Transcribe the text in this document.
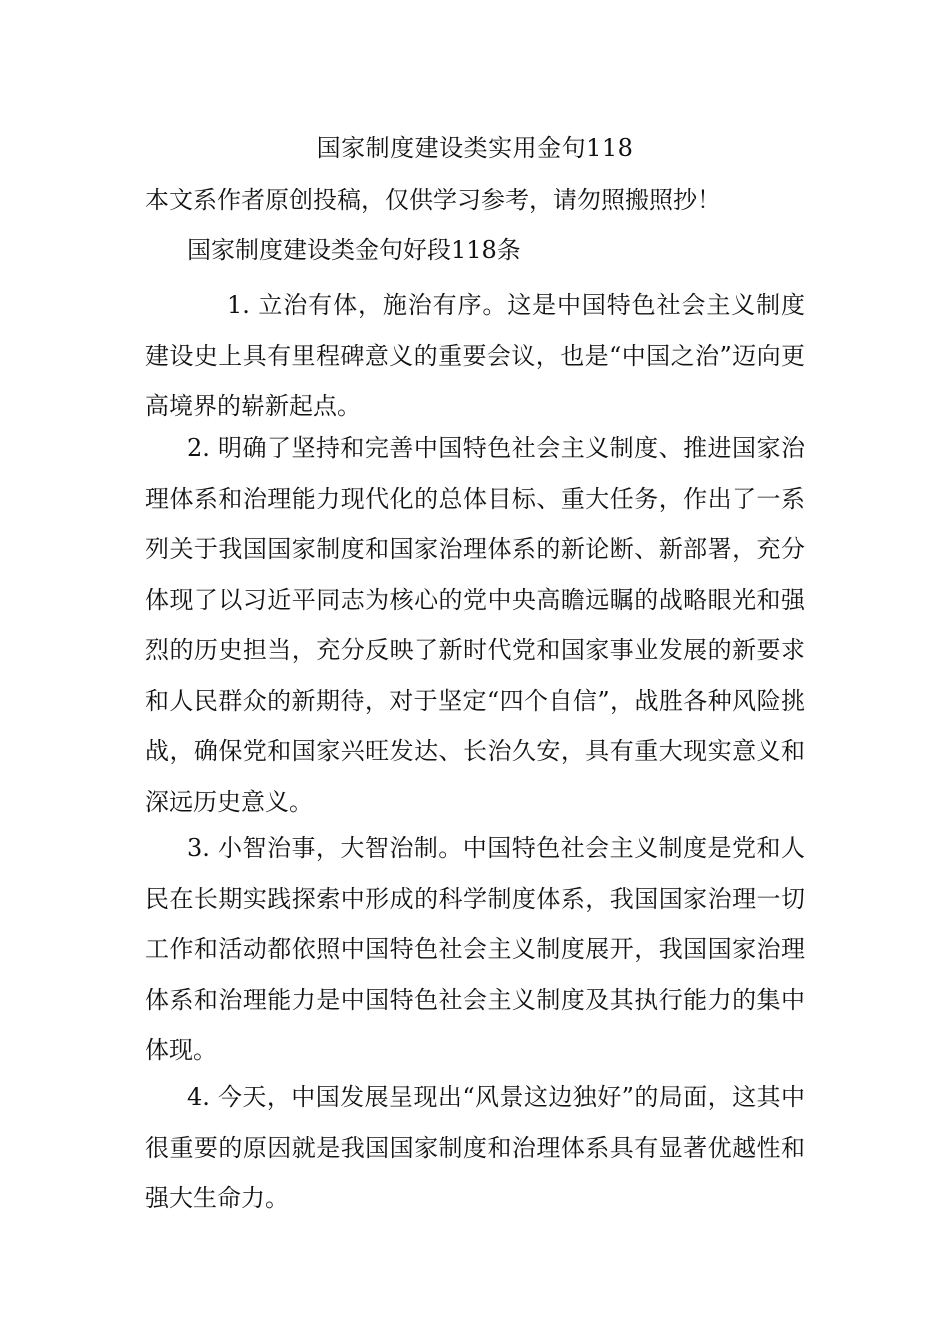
国家制度建设类实用金句118
本文系作者原创投稿，仅供学习参考，请勿照搬照抄！
国家制度建设类金句好段118条
1. 立治有体，施治有序。这是中国特色社会主义制度建设史上具有里程碑意义的重要会议，也是“中国之治”迈向更高境界的崭新起点。
2. 明确了坚持和完善中国特色社会主义制度、推进国家治理体系和治理能力现代化的总体目标、重大任务，作出了一系列关于我国国家制度和国家治理体系的新论断、新部署，充分体现了以习近平同志为核心的党中央高瞻远瞩的战略眼光和强烈的历史担当，充分反映了新时代党和国家事业发展的新要求和人民群众的新期待，对于坚定“四个自信”，战胜各种风险挑战，确保党和国家兴旺发达、长治久安，具有重大现实意义和深远历史意义。
3. 小智治事，大智治制。中国特色社会主义制度是党和人民在长期实践探索中形成的科学制度体系，我国国家治理一切工作和活动都依照中国特色社会主义制度展开，我国国家治理体系和治理能力是中国特色社会主义制度及其执行能力的集中体现。
4. 今天，中国发展呈现出“风景这边独好”的局面，这其中很重要的原因就是我国国家制度和治理体系具有显著优越性和强大生命力。
